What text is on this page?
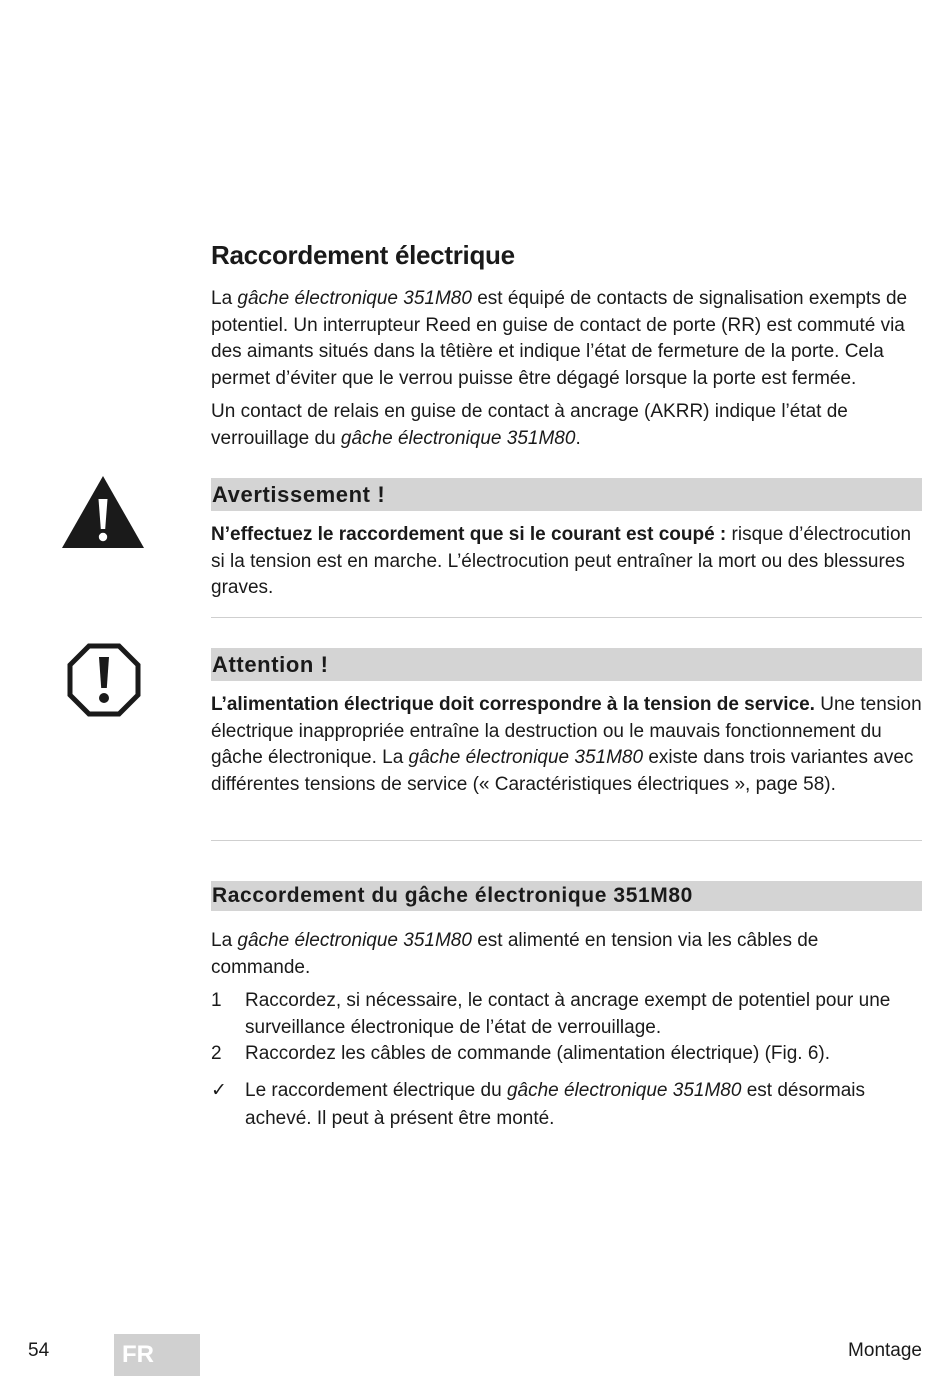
Raccordement électrique

La gâche électronique 351M80 est équipé de contacts de signalisation exempts de potentiel. Un interrupteur Reed en guise de contact de porte (RR) est commuté via des aimants situés dans la têtière et indique l’état de fermeture de la porte. Cela permet d’éviter que le verrou puisse être dégagé lorsque la porte est fermée.

Un contact de relais en guise de contact à ancrage (AKRR) indique l’état de verrouillage du gâche électronique 351M80.

Avertissement !

N’effectuez le raccordement que si le courant est coupé : risque d’électrocution si la tension est en marche. L’électrocution peut entraîner la mort ou des blessures graves.

Attention !

L’alimentation électrique doit correspondre à la tension de service. Une tension électrique inappropriée entraîne la destruction ou le mauvais fonctionnement du gâche électronique. La gâche électronique 351M80 existe dans trois variantes avec différentes tensions de service (« Caractéristiques électriques », page 58).

Raccordement du gâche électronique 351M80

La gâche électronique 351M80 est alimenté en tension via les câbles de commande.

1 Raccordez, si nécessaire, le contact à ancrage exempt de potentiel pour une surveillance électronique de l’état de verrouillage.
2 Raccordez les câbles de commande (alimentation électrique) (Fig. 6).
✓ Le raccordement électrique du gâche électronique 351M80 est désormais achevé. Il peut à présent être monté.
54	FR	Montage
